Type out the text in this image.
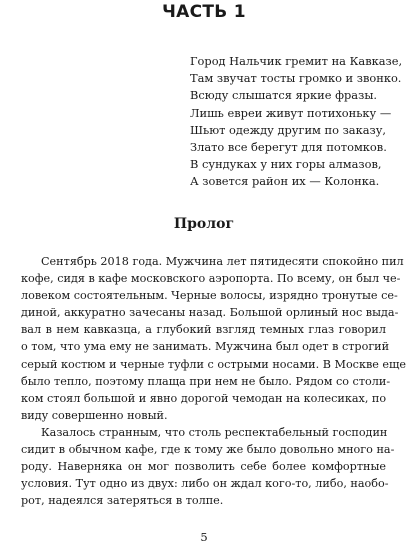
ЧАСТЬ 1
Город Нальчик гремит на Кавказе,
Там звучат тосты громко и звонко.
Всюду слышатся яркие фразы.
Лишь евреи живут потихоньку —
Шьют одежду другим по заказу,
Злато все берегут для потомков.
В сундуках у них горы алмазов,
А зовется район их — Колонка.
Пролог
Сентябрь 2018 года. Мужчина лет пятидесяти спокойно пил
кофе, сидя в кафе московского аэропорта. По всему, он был че-
ловеком состоятельным. Черные волосы, изрядно тронутые се-
диной, аккуратно зачесаны назад. Большой орлиный нос выда-
вал в нем кавказца, а глубокий взгляд темных глаз говорил
о том, что ума ему не занимать. Мужчина был одет в строгий
серый костюм и черные туфли с острыми носами. В Москве еще
было тепло, поэтому плаща при нем не было. Рядом со столи-
ком стоял большой и явно дорогой чемодан на колесиках, по
виду совершенно новый.
Казалось странным, что столь респектабельный господин
сидит в обычном кафе, где к тому же было довольно много на-
роду. Наверняка он мог позволить себе более комфортные
условия. Тут одно из двух: либо он ждал кого-то, либо, наобо-
рот, надеялся затеряться в толпе.
5
